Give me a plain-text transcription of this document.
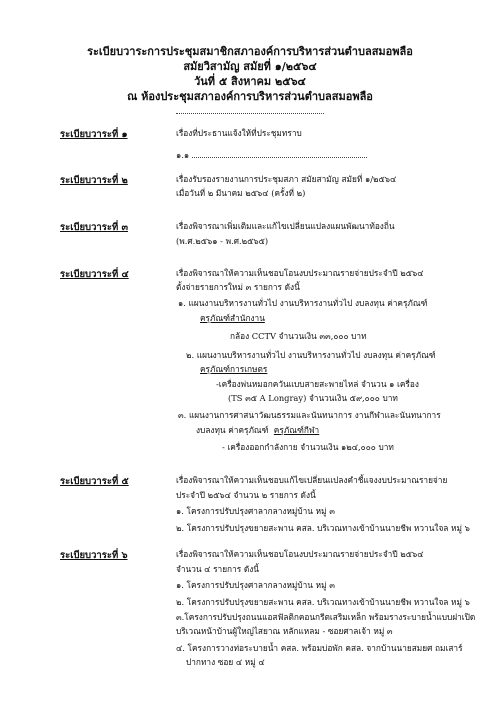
ระเบียบวาระการประชุมสมาชิกสภาองค์การบริหารส่วนตำบลสมอพลือ
สมัยวิสามัญ สมัยที่ ๑/๒๕๖๔
วันที่ ๕ สิงหาคม ๒๕๖๔
ณ ห้องประชุมสภาองค์การบริหารส่วนตำบลสมอพลือ
ระเบียบวาระที่ ๑	เรื่องที่ประธานแจ้งให้ที่ประชุมทราบ
๑.๑
ระเบียบวาระที่ ๒	เรื่องรับรองรายงานการประชุมสภา สมัยสามัญ สมัยที่ ๑/๒๕๖๔
เมื่อวันที่ ๒ มีนาคม ๒๕๖๔ (ครั้งที่ ๒)
ระเบียบวาระที่ ๓	เรื่องพิจารณาเพิ่มเติมและแก้ไขเปลี่ยนแปลงแผนพัฒนาท้องถิ่น
(พ.ศ.๒๕๖๑ - พ.ศ.๒๕๖๕)
ระเบียบวาระที่ ๔	เรื่องพิจารณาให้ความเห็นชอบโอนงบประมาณรายจ่ายประจำปี ๒๕๖๔
ตั้งจ่ายรายการใหม่ ๓ รายการ ดังนี้
๑. แผนงานบริหารงานทั่วไป งานบริหารงานทั่วไป งบลงทุน ค่าครุภัณฑ์
ครุภัณฑ์สำนักงาน
กล้อง CCTV จำนวนเงิน ๓๓,๐๐๐ บาท
๒. แผนงานบริหารงานทั่วไป งานบริหารงานทั่วไป งบลงทุน ค่าครุภัณฑ์
ครุภัณฑ์การเกษตร
-เครื่องพ่นหมอกควันแบบสายสะพายไหล่ จำนวน ๑ เครื่อง
(TS ๓๕ A Longray) จำนวนเงิน ๕๙,๐๐๐ บาท
๓. แผนงานการศาสนาวัฒนธรรมและนันทนาการ งานกีฬาและนันทนาการ
งบลงทุน ค่าครุภัณฑ์ ครุภัณฑ์กีฬา
- เครื่องออกกำลังกาย จำนวนเงิน ๑๒๔,๐๐๐ บาท
ระเบียบวาระที่ ๕	เรื่องพิจารณาให้ความเห็นชอบแก้ไขเปลี่ยนแปลงคำชี้แจงงบประมาณรายจ่าย
ประจำปี ๒๕๖๔ จำนวน ๒ รายการ ดังนี้
๑. โครงการปรับปรุงศาลากลางหมู่บ้าน หมู่ ๓
๒. โครงการปรับปรุงขยายสะพาน คสล. บริเวณทางเข้าบ้านนายชีพ หวานใจล หมู่ ๖
ระเบียบวาระที่ ๖	เรื่องพิจารณาให้ความเห็นชอบโอนงบประมาณรายจ่ายประจำปี ๒๕๖๔
จำนวน ๔ รายการ ดังนี้
๑. โครงการปรับปรุงศาลากลางหมู่บ้าน หมู่ ๓
๒. โครงการปรับปรุงขยายสะพาน คสล. บริเวณทางเข้าบ้านนายชีพ หวานใจล หมู่ ๖
๓.โครงการปรับปรุงถนนแอสฟัลติกคอนกรีตเสริมเหล็ก พร้อมรางระบายน้ำแบบฝาเปิด
บริเวณหน้าบ้านผู้ใหญ่ไสยาณ หลักแหลม - ซอยศาลเจ้า หมู่ ๓
๔. โครงการวางท่อระบายน้ำ คสล. พร้อมบ่อพัก คสล. จากบ้านนายสมยศ ถมเสาร์
ปากทาง ซอย ๔ หมู่ ๔
